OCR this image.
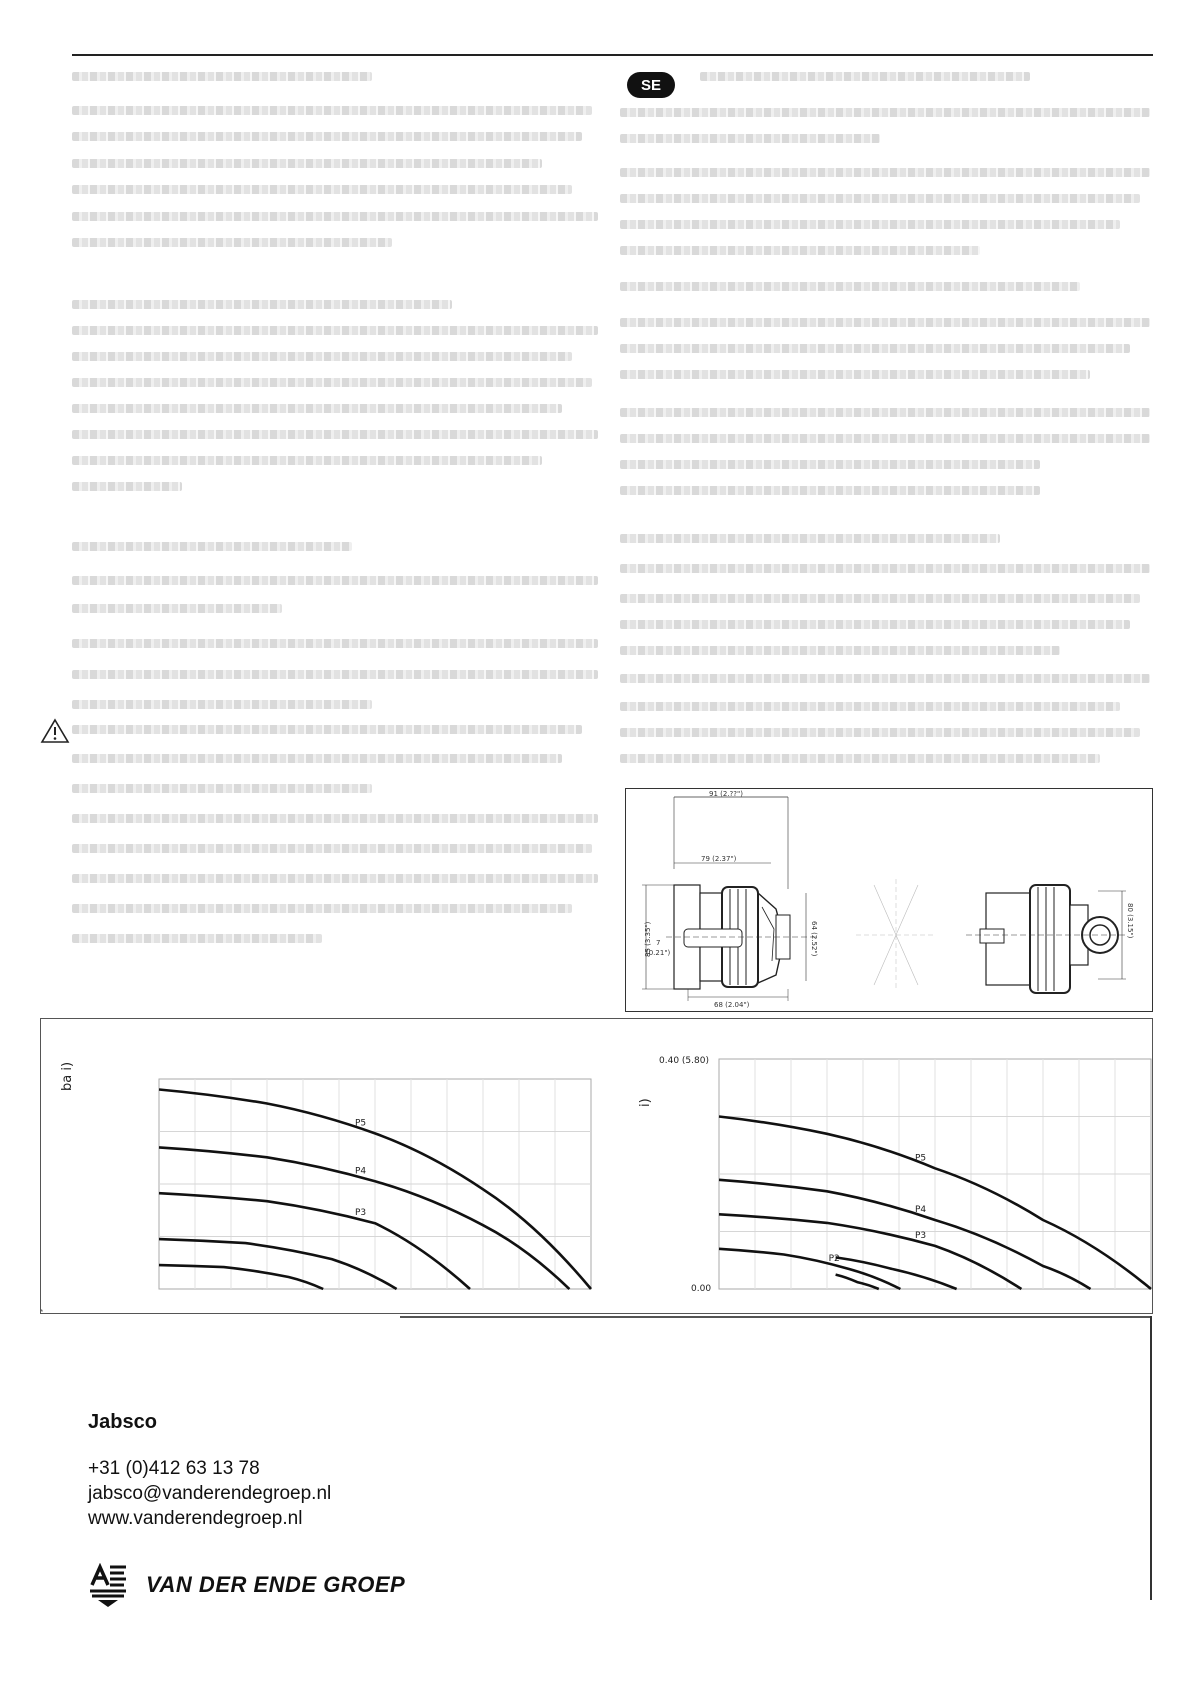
SE
91 (2.??")
79 (2.37")
85 (3.35") 7
(0.21")	64 (2.52")
68 (2.04")
80 (3.15")
ba i)
0.40 (5.80)
0.00
i)
P5
P4
P3
P5
P4
P3
P2
*
Jabsco
+31 (0)412 63 13 78
jabsco@vanderendegroep.nl
www.vanderendegroep.nl
VAN DER ENDE GROEP
